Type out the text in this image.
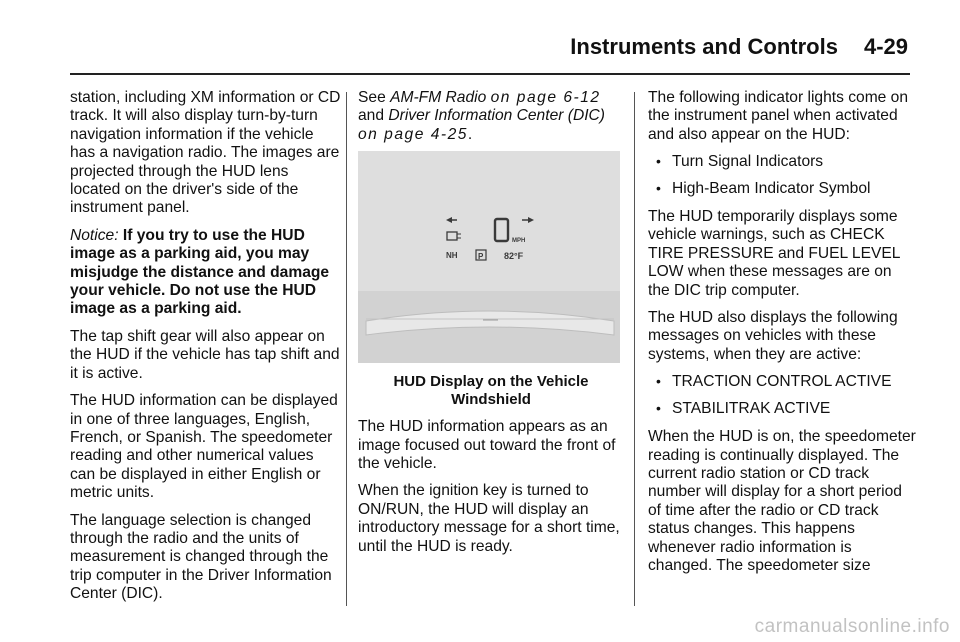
Instruments and Controls 4-29

station, including XM information or CD track. It will also display turn-by-turn navigation information if the vehicle has a navigation radio. The images are projected through the HUD lens located on the driver's side of the instrument panel.

Notice: If you try to use the HUD image as a parking aid, you may misjudge the distance and damage your vehicle. Do not use the HUD image as a parking aid.

The tap shift gear will also appear on the HUD if the vehicle has tap shift and it is active.

The HUD information can be displayed in one of three languages, English, French, or Spanish. The speedometer reading and other numerical values can be displayed in either English or metric units.

The language selection is changed through the radio and the units of measurement is changed through the trip computer in the Driver Information Center (DIC).

See AM-FM Radio on page 6-12
and Driver Information Center (DIC)
on page 4-25.

MPH
NH	P 82°F
HUD Display on the Vehicle Windshield

The HUD information appears as an image focused out toward the front of the vehicle.

When the ignition key is turned to ON/RUN, the HUD will display an introductory message for a short time, until the HUD is ready.

The following indicator lights come on the instrument panel when activated and also appear on the HUD:

• Turn Signal Indicators
• High-Beam Indicator Symbol

The HUD temporarily displays some vehicle warnings, such as CHECK TIRE PRESSURE and FUEL LEVEL LOW when these messages are on the DIC trip computer.

The HUD also displays the following messages on vehicles with these systems, when they are active:

• TRACTION CONTROL ACTIVE
• STABILITRAK ACTIVE

When the HUD is on, the speedometer reading is continually displayed. The current radio station or CD track number will display for a short period of time after the radio or CD track status changes. This happens whenever radio information is changed. The speedometer size

carmanualsonline.info
